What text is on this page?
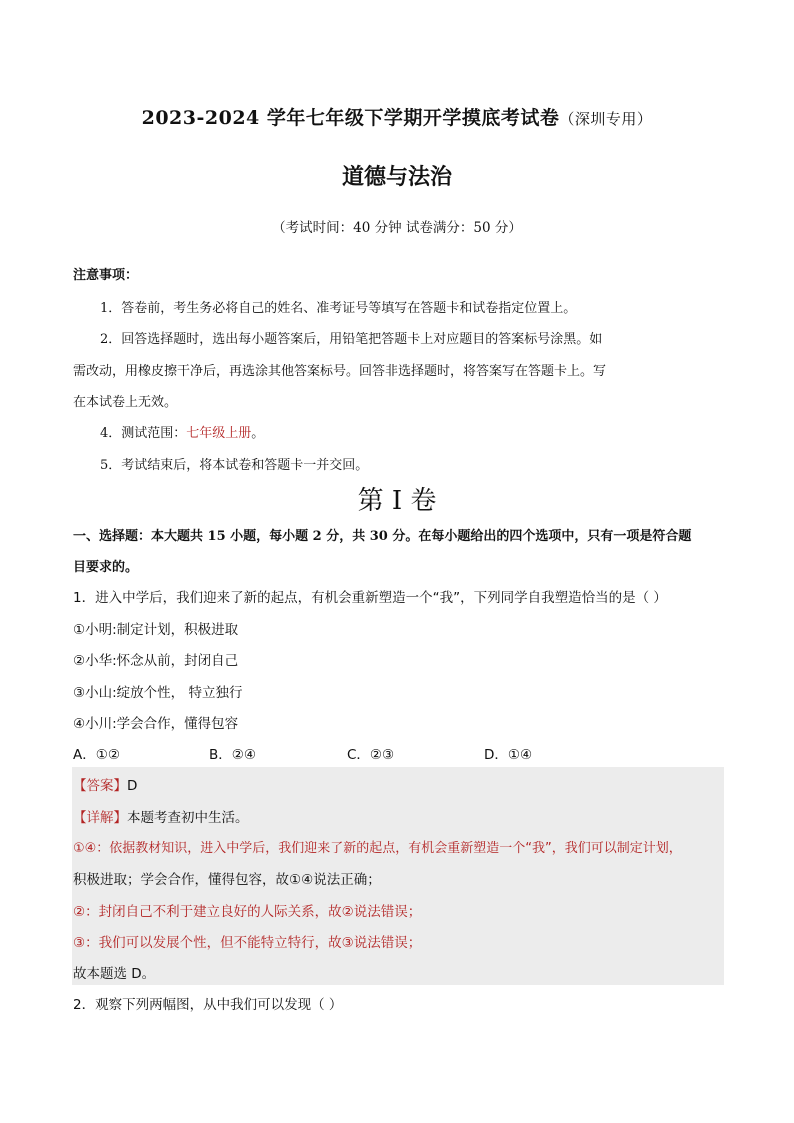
2023-2024 学年七年级下学期开学摸底考试卷（深圳专用）
道德与法治
（考试时间：40 分钟 试卷满分：50 分）
注意事项：
1．答卷前，考生务必将自己的姓名、准考证号等填写在答题卡和试卷指定位置上。
2．回答选择题时，选出每小题答案后，用铅笔把答题卡上对应题目的答案标号涂黑。如
需改动，用橡皮擦干净后，再选涂其他答案标号。回答非选择题时，将答案写在答题卡上。写
在本试卷上无效。
4．测试范围：七年级上册。
5．考试结束后，将本试卷和答题卡一并交回。
第 I 卷
一、选择题：本大题共 15 小题，每小题 2 分，共 30 分。在每小题给出的四个选项中，只有一项是符合题
目要求的。
1．进入中学后，我们迎来了新的起点，有机会重新塑造一个“我”，下列同学自我塑造恰当的是（ ）
①小明:制定计划，积极进取
②小华:怀念从前，封闭自己
③小山:绽放个性， 特立独行
④小川:学会合作，懂得包容
A．①②	B．②④	C．②③	D．①④
【答案】D
【详解】本题考查初中生活。
①④：依据教材知识，进入中学后，我们迎来了新的起点，有机会重新塑造一个“我”，我们可以制定计划，
积极进取；学会合作，懂得包容，故①④说法正确；
②：封闭自己不利于建立良好的人际关系，故②说法错误；
③：我们可以发展个性，但不能特立特行，故③说法错误；
故本题选 D。
2．观察下列两幅图，从中我们可以发现（ ）
